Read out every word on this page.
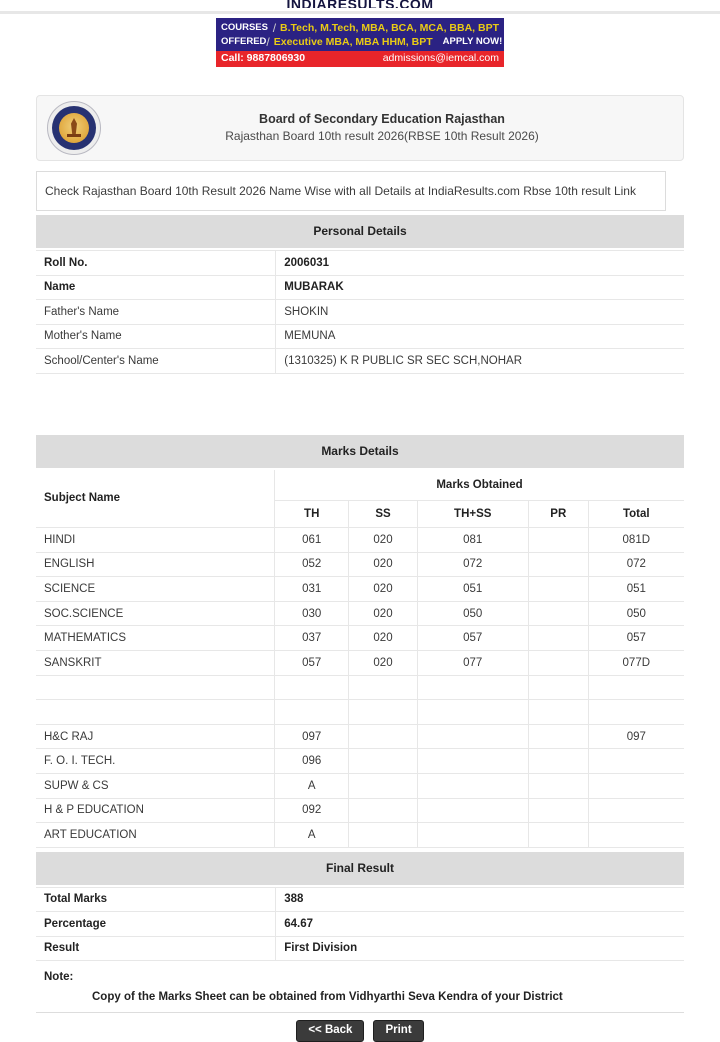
INDIARESULTS.COM
COURSES / B.Tech, M.Tech, MBA, BCA, MCA, BBA, BPT
OFFERED / Executive MBA, MBA HHM, BPT APPLY NOW!
Call: 9887806930	admissions@iemcal.com
Board of Secondary Education Rajasthan
Rajasthan Board 10th result 2026(RBSE 10th Result 2026)
Check Rajasthan Board 10th Result 2026 Name Wise with all Details at IndiaResults.com Rbse 10th result Link
Personal Details
Roll No.	2006031
Name	MUBARAK
Father's Name	SHOKIN
Mother's Name	MEMUNA
School/Center's Name	(1310325) K R PUBLIC SR SEC SCH,NOHAR
Marks Details
Subject Name	Marks Obtained				
	TH	SS	TH+SS	PR	Total
HINDI	061	020	081		081D
ENGLISH	052	020	072		072
SCIENCE	031	020	051		051
SOC.SCIENCE	030	020	050		050
MATHEMATICS	037	020	057		057
SANSKRIT	057	020	077		077D

H&C RAJ	097				097
F. O. I. TECH.	096				
SUPW & CS	A				
H & P EDUCATION	092				
ART EDUCATION	A				
Final Result
Total Marks	388
Percentage	64.67
Result	First Division
Note:
Copy of the Marks Sheet can be obtained from Vidhyarthi Seva Kendra of your District
<< Back	Print
